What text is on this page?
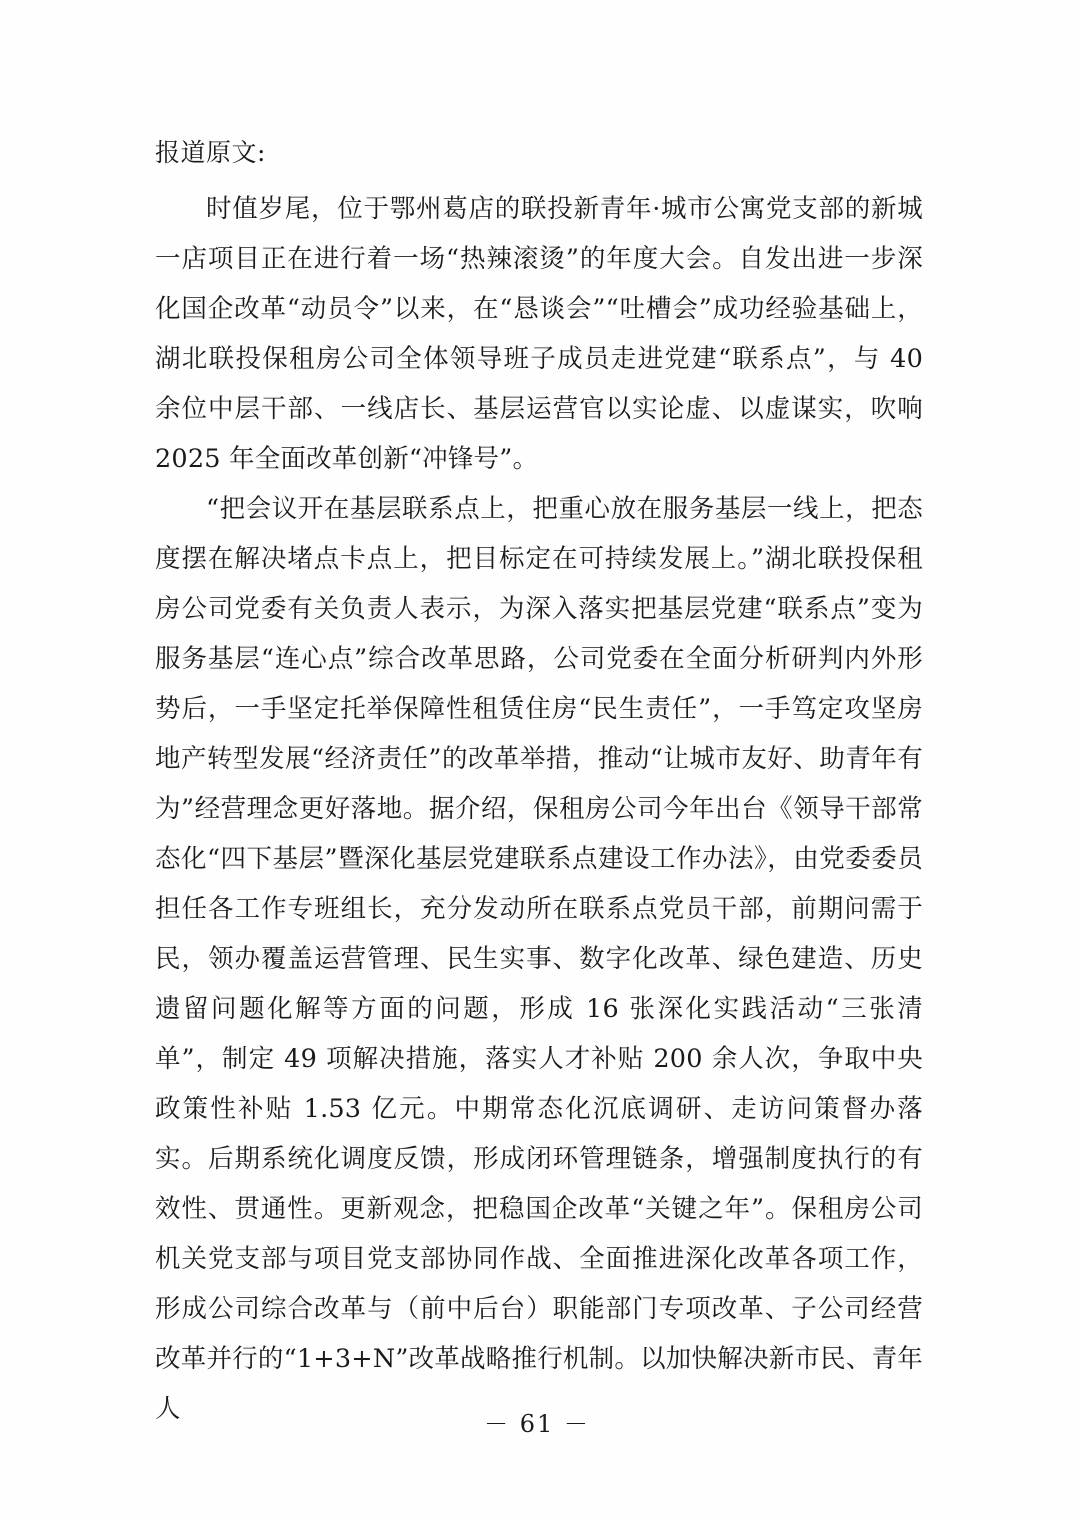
报道原文:

时值岁尾，位于鄂州葛店的联投新青年·城市公寓党支部的新城一店项目正在进行着一场“热辣滚烫”的年度大会。自发出进一步深化国企改革“动员令”以来，在“恳谈会”“吐槽会”成功经验基础上，湖北联投保租房公司全体领导班子成员走进党建“联系点”，与 40 余位中层干部、一线店长、基层运营官以实论虚、以虚谋实，吹响 2025 年全面改革创新“冲锋号”。

“把会议开在基层联系点上，把重心放在服务基层一线上，把态度摆在解决堵点卡点上，把目标定在可持续发展上。”湖北联投保租房公司党委有关负责人表示，为深入落实把基层党建“联系点”变为服务基层“连心点”综合改革思路，公司党委在全面分析研判内外形势后，一手坚定托举保障性租赁住房“民生责任”，一手笃定攻坚房地产转型发展“经济责任”的改革举措，推动“让城市友好、助青年有为”经营理念更好落地。据介绍，保租房公司今年出台《领导干部常态化“四下基层”暨深化基层党建联系点建设工作办法》，由党委委员担任各工作专班组长，充分发动所在联系点党员干部，前期问需于民，领办覆盖运营管理、民生实事、数字化改革、绿色建造、历史遗留问题化解等方面的问题，形成 16 张深化实践活动“三张清单”，制定 49 项解决措施，落实人才补贴 200 余人次，争取中央政策性补贴 1.53 亿元。中期常态化沉底调研、走访问策督办落实。后期系统化调度反馈，形成闭环管理链条，增强制度执行的有效性、贯通性。更新观念，把稳国企改革“关键之年”。保租房公司机关党支部与项目党支部协同作战、全面推进深化改革各项工作，形成公司综合改革与（前中后台）职能部门专项改革、子公司经营改革并行的“1+3+N”改革战略推行机制。以加快解决新市民、青年人	－ 61 －
